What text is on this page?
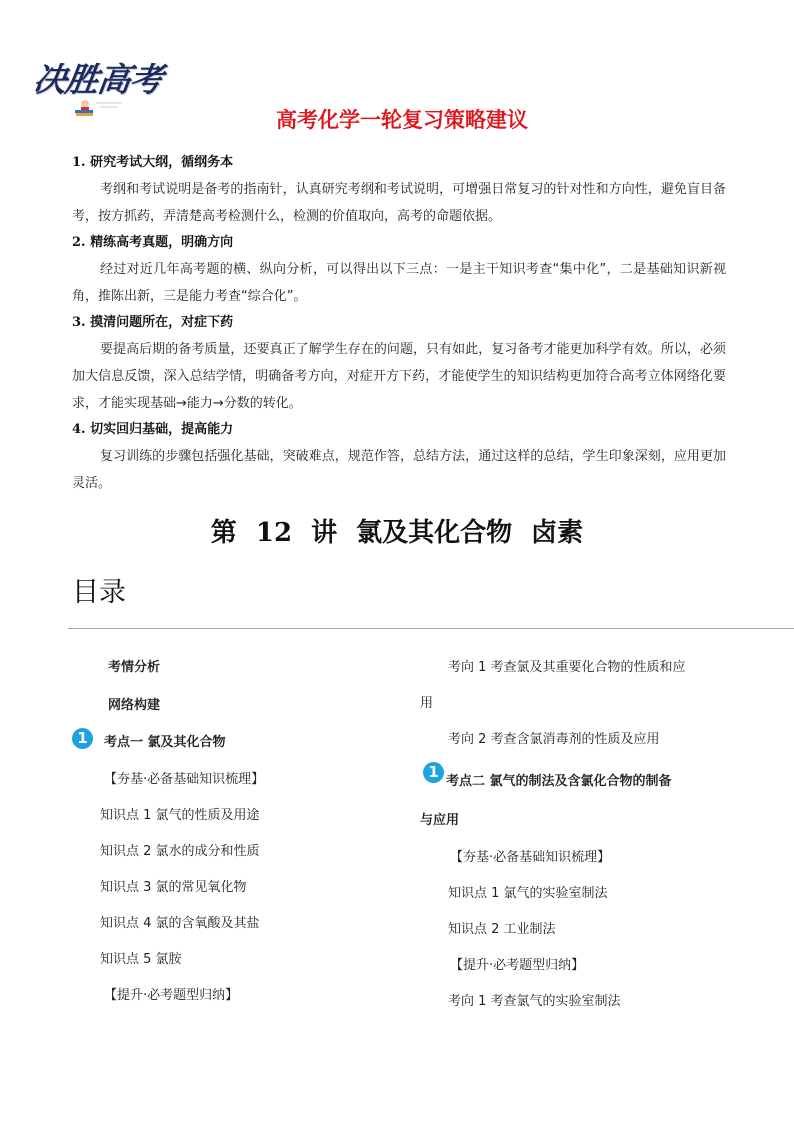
决胜高考
高考化学一轮复习策略建议
1. 研究考试大纲，循纲务本
考纲和考试说明是备考的指南针，认真研究考纲和考试说明，可增强日常复习的针对性和方向性，避免盲目备考，按方抓药，弄清楚高考检测什么，检测的价值取向，高考的命题依据。
2. 精练高考真题，明确方向
经过对近几年高考题的横、纵向分析，可以得出以下三点：一是主干知识考查“集中化”，二是基础知识新视角，推陈出新，三是能力考查“综合化”。
3. 摸清问题所在，对症下药
要提高后期的备考质量，还要真正了解学生存在的问题，只有如此，复习备考才能更加科学有效。所以，必须加大信息反馈，深入总结学情，明确备考方向，对症开方下药，才能使学生的知识结构更加符合高考立体网络化要求，才能实现基础→能力→分数的转化。
4. 切实回归基础，提高能力
复习训练的步骤包括强化基础，突破难点，规范作答，总结方法，通过这样的总结，学生印象深刻，应用更加灵活。
第 12 讲 氯及其化合物 卤素
目录
考情分析
网络构建
1	考点一 氯及其化合物
【夯基·必备基础知识梳理】
知识点 1 氯气的性质及用途
知识点 2 氯水的成分和性质
知识点 3 氯的常见氧化物
知识点 4 氯的含氧酸及其盐
知识点 5 氯胺
【提升·必考题型归纳】
考向 1 考查氯及其重要化合物的性质和应
用
考向 2 考查含氯消毒剂的性质及应用
1
考点二 氯气的制法及含氯化合物的制备
与应用
【夯基·必备基础知识梳理】
知识点 1 氯气的实验室制法
知识点 2 工业制法
【提升·必考题型归纳】
考向 1 考查氯气的实验室制法
